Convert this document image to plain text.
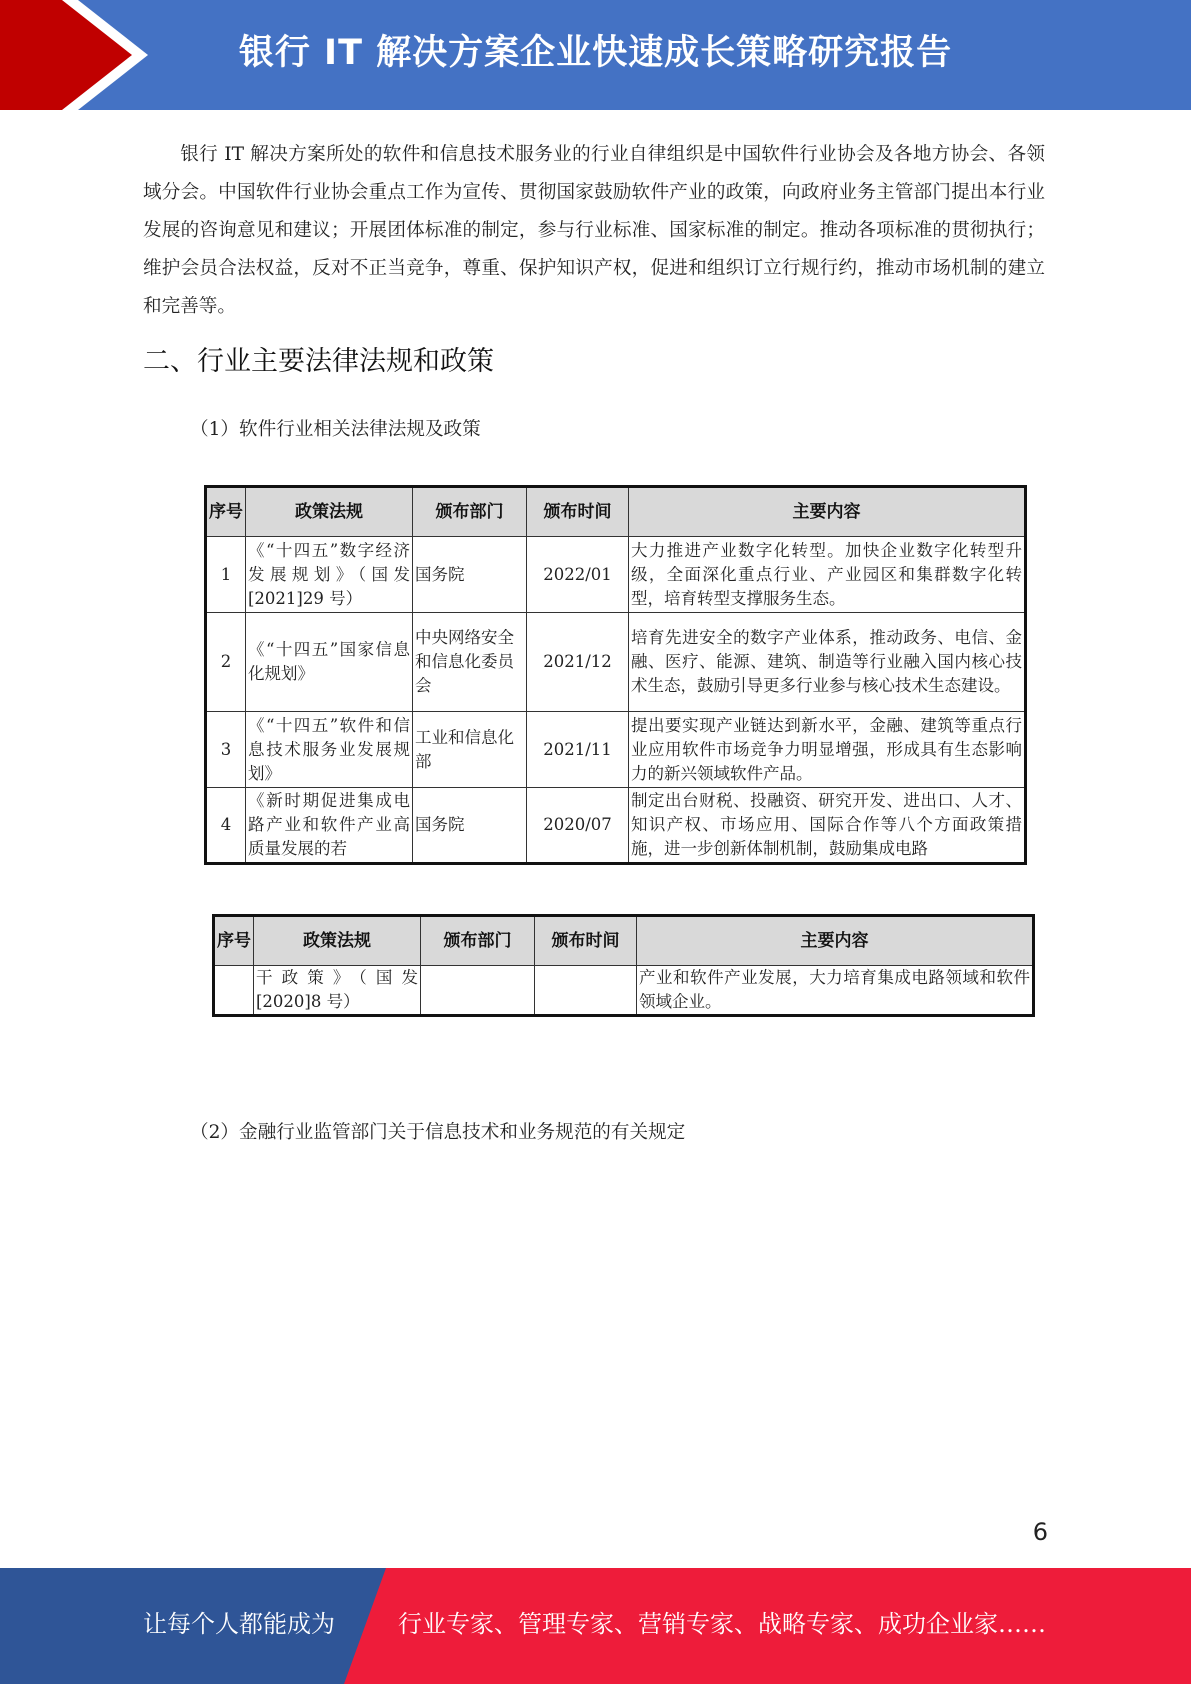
银行 IT 解决方案企业快速成长策略研究报告
银行 IT 解决方案所处的软件和信息技术服务业的行业自律组织是中国软件行业协会及各地方协会、各领域分会。中国软件行业协会重点工作为宣传、贯彻国家鼓励软件产业的政策，向政府业务主管部门提出本行业发展的咨询意见和建议；开展团体标准的制定，参与行业标准、国家标准的制定。推动各项标准的贯彻执行；维护会员合法权益，反对不正当竞争，尊重、保护知识产权，促进和组织订立行规行约，推动市场机制的建立和完善等。
二、行业主要法律法规和政策
（1）软件行业相关法律法规及政策
序号	政策法规	颁布部门	颁布时间	主要内容
1	《“十四五”数字经济发展规划》（国发[2021]29 号）	国务院	2022/01	大力推进产业数字化转型。加快企业数字化转型升级，全面深化重点行业、产业园区和集群数字化转型，培育转型支撑服务生态。
2	《“十四五”国家信息化规划》	中央网络安全和信息化委员会	2021/12	培育先进安全的数字产业体系，推动政务、电信、金融、医疗、能源、建筑、制造等行业融入国内核心技术生态，鼓励引导更多行业参与核心技术生态建设。
3	《“十四五”软件和信息技术服务业发展规划》	工业和信息化部	2021/11	提出要实现产业链达到新水平，金融、建筑等重点行业应用软件市场竞争力明显增强，形成具有生态影响力的新兴领域软件产品。
4	《新时期促进集成电路产业和软件产业高质量发展的若	国务院	2020/07	制定出台财税、投融资、研究开发、进出口、人才、知识产权、市场应用、国际合作等八个方面政策措施，进一步创新体制机制，鼓励集成电路
序号	政策法规	颁布部门	颁布时间	主要内容
	干政策》（国发[2020]8 号）			产业和软件产业发展，大力培育集成电路领域和软件领域企业。
（2）金融行业监管部门关于信息技术和业务规范的有关规定
6
让每个人都能成为	行业专家、管理专家、营销专家、战略专家、成功企业家……
